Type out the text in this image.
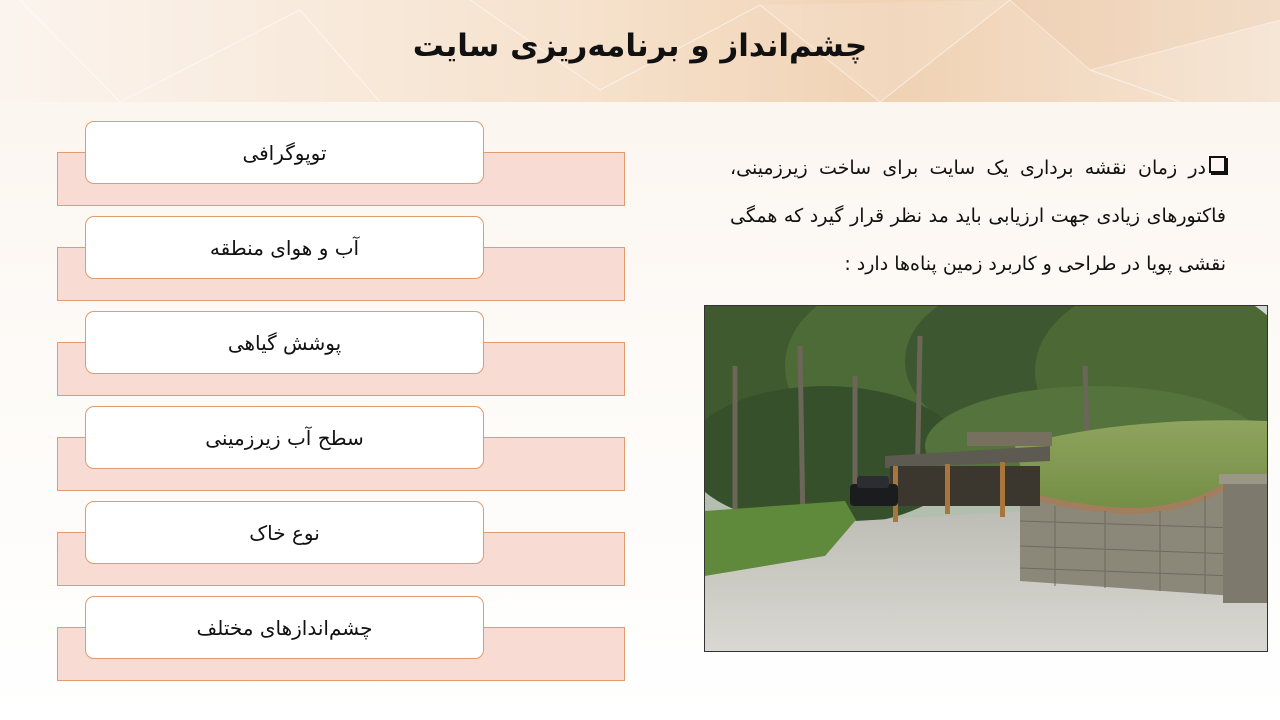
چشم‌انداز و برنامه‌ریزی سایت
توپوگرافی
آب و هوای منطقه
پوشش گیاهی
سطح آب زیرزمینی
نوع خاک
چشم‌اندازهای مختلف
در زمان نقشه برداری یک سایت برای ساخت زیرزمینی، فاکتورهای زیادی جهت ارزیابی باید مد نظر قرار گیرد که همگی نقشی پویا در طراحی و کاربرد زمین پناه‌ها دارد :
